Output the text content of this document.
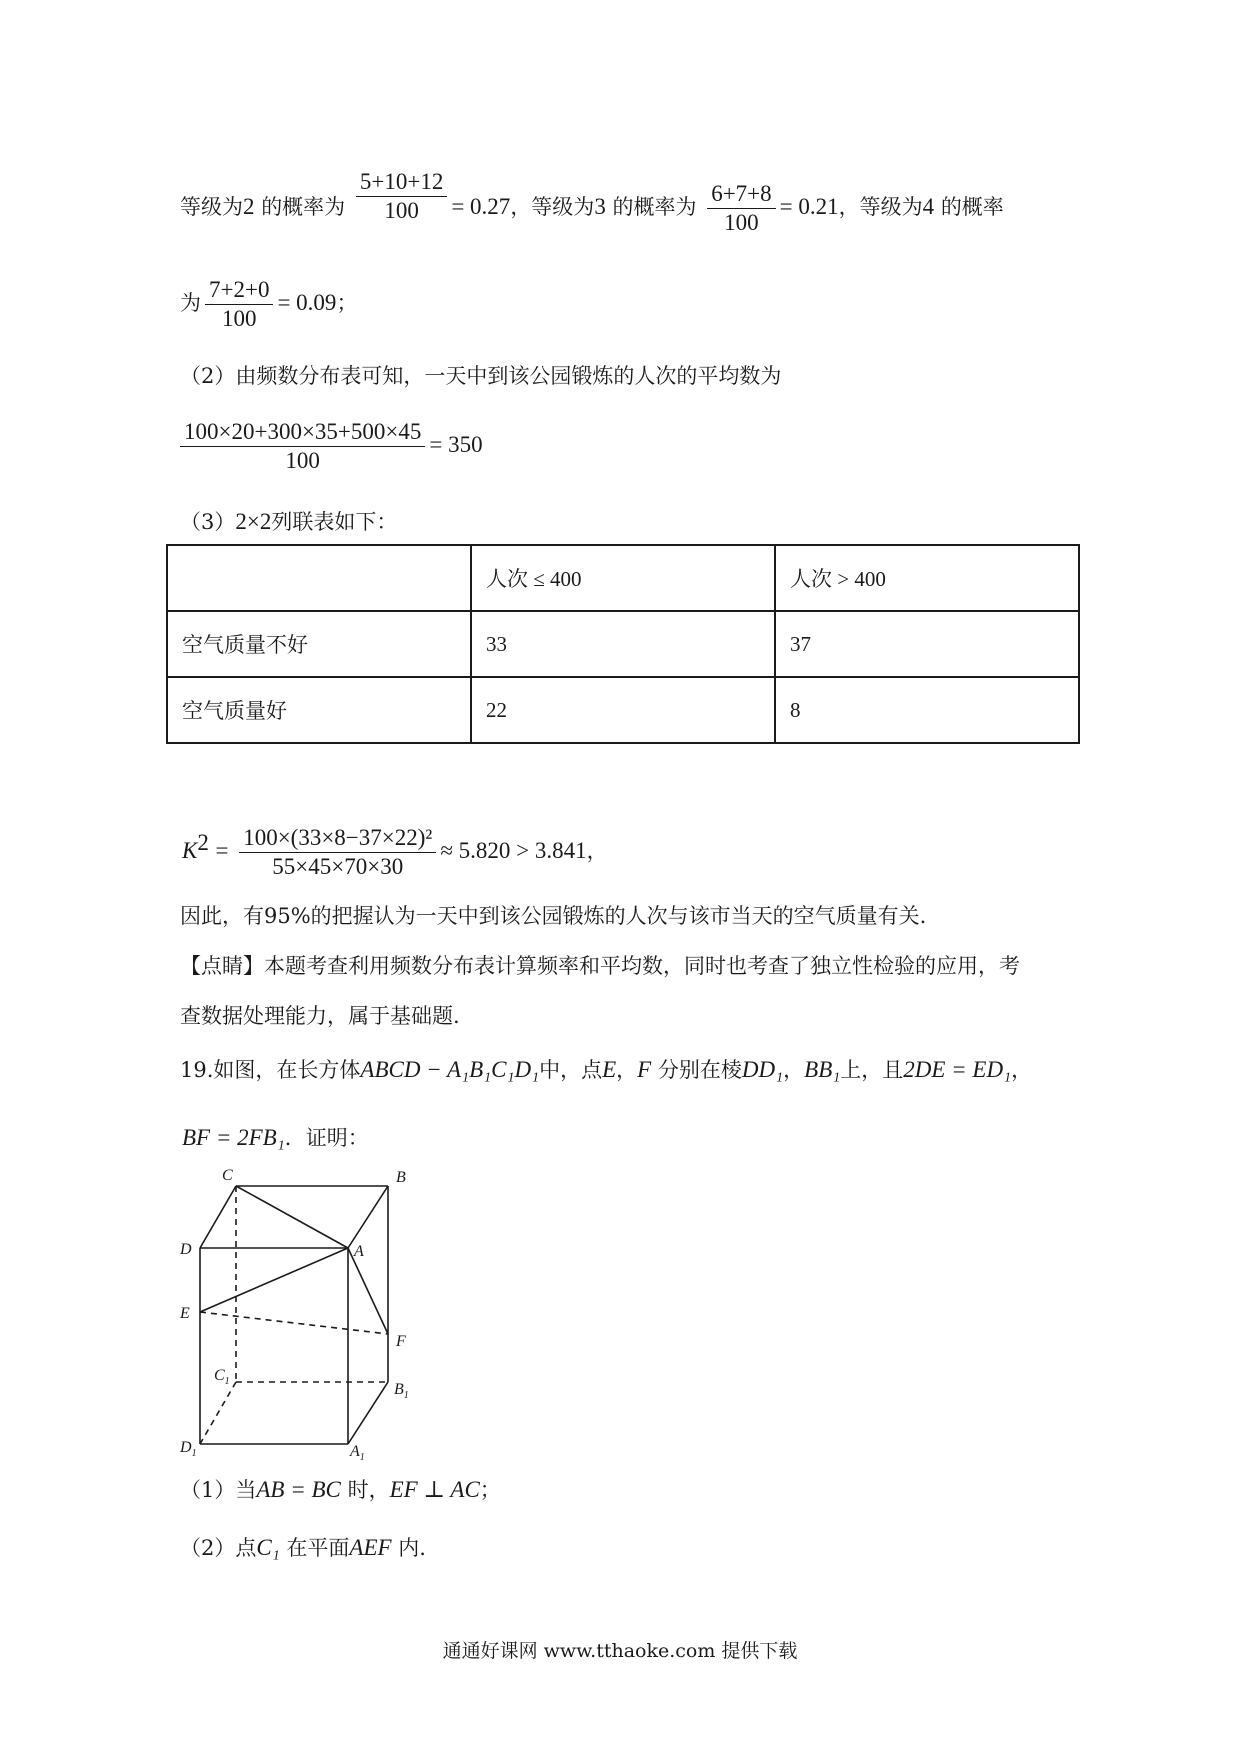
等级为2 的概率为 $\frac{5+10+12}{100} = 0.27$，等级为3 的概率为 $\frac{6+7+8}{100} = 0.21$，等级为4 的概率
为 $\frac{7+2+0}{100} = 0.09$；
（2）由频数分布表可知，一天中到该公园锻炼的人次的平均数为
$\frac{100\times 20+300\times 35+500\times 45}{100} = 350$
（3）2×2列联表如下：
	人次 ≤ 400	人次 > 400
空气质量不好	33	37
空气质量好	22	8
$K^2 = \frac{\text{100×(33×8−37×22)²}}{55\times 45\times 70\times 30} \approx 5.820 > 3.841$，
因此，有95%的把握认为一天中到该公园锻炼的人次与该市当天的空气质量有关.
【点睛】本题考查利用频数分布表计算频率和平均数，同时也考查了独立性检验的应用，考
查数据处理能力，属于基础题.
19.如图，在长方体ABCD − A₁B₁C₁D₁中，点E，F 分别在棱DD₁，BB₁上，且2DE = ED₁，
BF = 2FB₁．证明：
C	B
D	A
E
F
$C_1$	$B_1$
$D_1$	$A_1$
（1）当AB = BC 时，EF ⊥ AC；
（2）点C₁ 在平面AEF 内.
通通好课网 www.tthaoke.com 提供下载
